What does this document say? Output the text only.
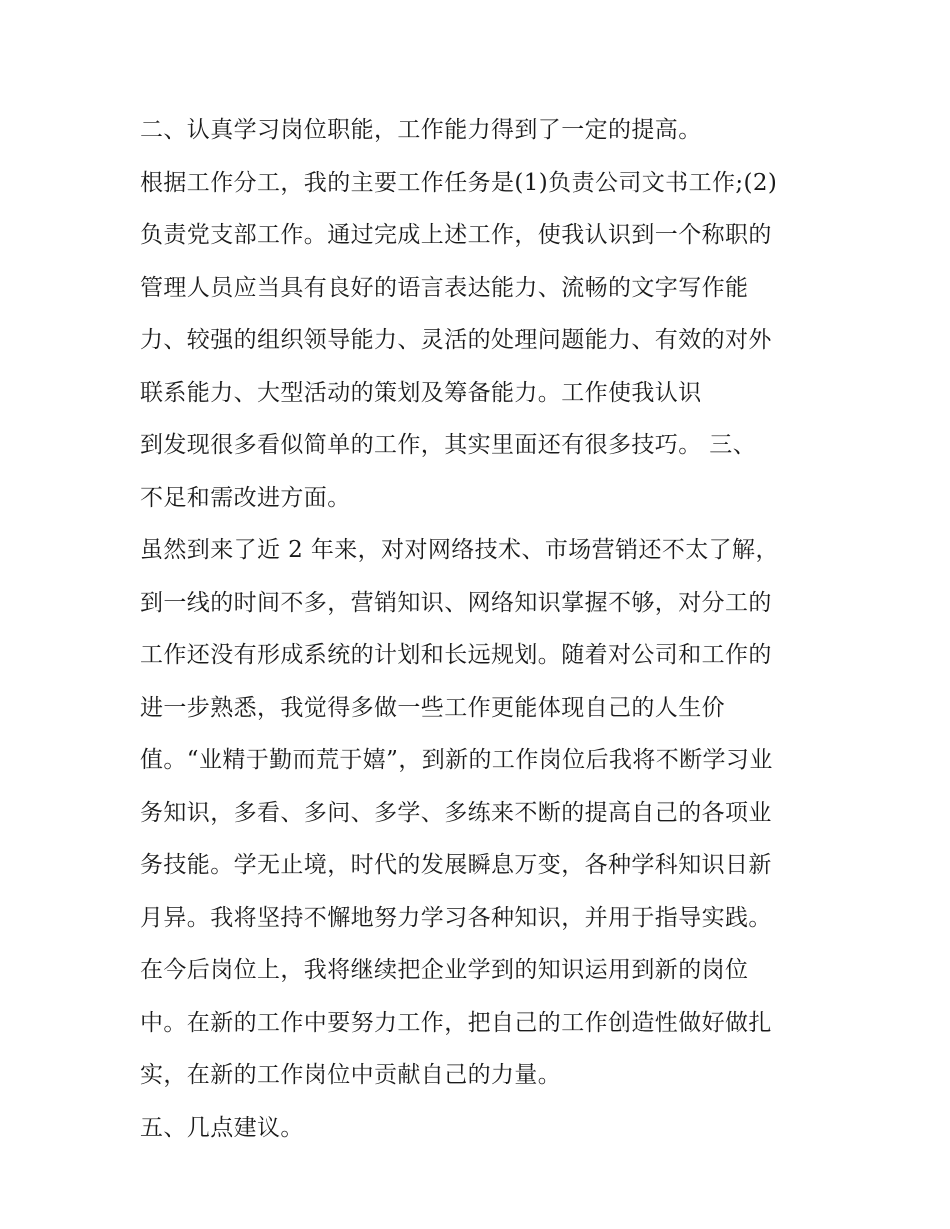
二、认真学习岗位职能，工作能力得到了一定的提高。
根据工作分工，我的主要工作任务是(1)负责公司文书工作;(2)
负责党支部工作。通过完成上述工作，使我认识到一个称职的
管理人员应当具有良好的语言表达能力、流畅的文字写作能
力、较强的组织领导能力、灵活的处理问题能力、有效的对外
联系能力、大型活动的策划及筹备能力。工作使我认识
到发现很多看似简单的工作，其实里面还有很多技巧。 三、
不足和需改进方面。
虽然到来了近 2 年来，对对网络技术、市场营销还不太了解，
到一线的时间不多，营销知识、网络知识掌握不够，对分工的
工作还没有形成系统的计划和长远规划。随着对公司和工作的
进一步熟悉，我觉得多做一些工作更能体现自己的人生价
值。“业精于勤而荒于嬉”，到新的工作岗位后我将不断学习业
务知识，多看、多问、多学、多练来不断的提高自己的各项业
务技能。学无止境，时代的发展瞬息万变，各种学科知识日新
月异。我将坚持不懈地努力学习各种知识，并用于指导实践。
在今后岗位上，我将继续把企业学到的知识运用到新的岗位
中。在新的工作中要努力工作，把自己的工作创造性做好做扎
实，在新的工作岗位中贡献自己的力量。
五、几点建议。
